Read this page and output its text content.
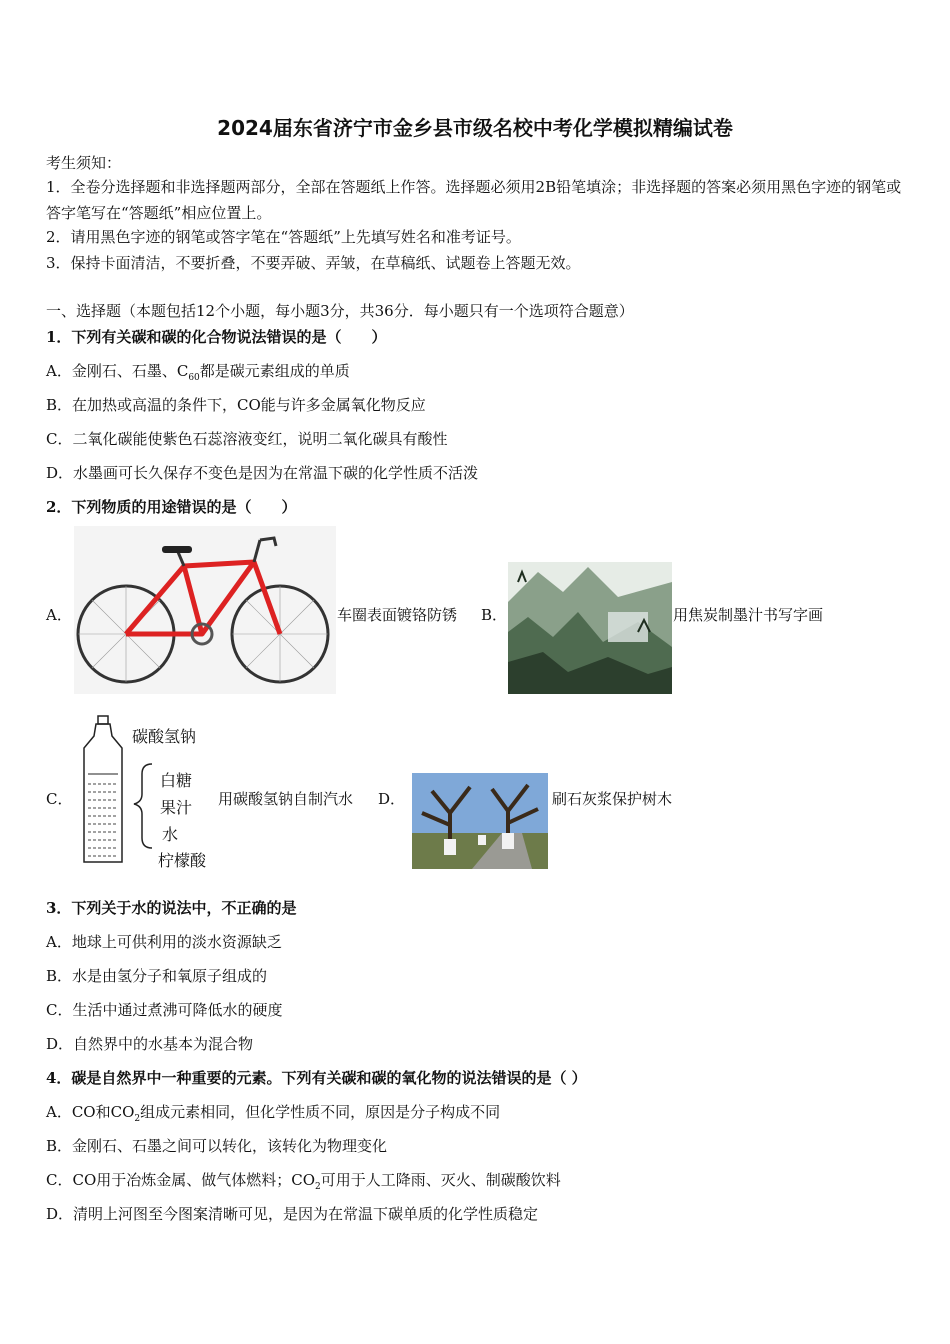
2024届东省济宁市金乡县市级名校中考化学模拟精编试卷
考生须知：
1．全卷分选择题和非选择题两部分，全部在答题纸上作答。选择题必须用2B铅笔填涂；非选择题的答案必须用黑色字迹的钢笔或答字笔写在“答题纸”相应位置上。
2．请用黑色字迹的钢笔或答字笔在“答题纸”上先填写姓名和准考证号。
3．保持卡面清洁，不要折叠，不要弄破、弄皱，在草稿纸、试题卷上答题无效。
一、选择题（本题包括12个小题，每小题3分，共36分．每小题只有一个选项符合题意）
1．下列有关碳和碳的化合物说法错误的是（　　）
A．金刚石、石墨、$C_{60}$都是碳元素组成的单质
B．在加热或高温的条件下，CO能与许多金属氧化物反应
C．二氧化碳能使紫色石蕊溶液变红，说明二氧化碳具有酸性
D．水墨画可长久保存不变色是因为在常温下碳的化学性质不活泼
2．下列物质的用途错误的是（　　）
A．	车圈表面镀铬防锈 B．	用焦炭制墨汁书写字画
C．
碳酸氢钠
白糖
果汁
水
柠檬酸
用碳酸氢钠自制汽水 D．	刷石灰浆保护树木
3．下列关于水的说法中，不正确的是
A．地球上可供利用的淡水资源缺乏
B．水是由氢分子和氧原子组成的
C．生活中通过煮沸可降低水的硬度
D．自然界中的水基本为混合物
4．碳是自然界中一种重要的元素。下列有关碳和碳的氧化物的说法错误的是（ ）
A．CO和$CO_2$组成元素相同，但化学性质不同，原因是分子构成不同
B．金刚石、石墨之间可以转化，该转化为物理变化
C．CO用于冶炼金属、做气体燃料；$CO_2$可用于人工降雨、灭火、制碳酸饮料
D．清明上河图至今图案清晰可见，是因为在常温下碳单质的化学性质稳定
